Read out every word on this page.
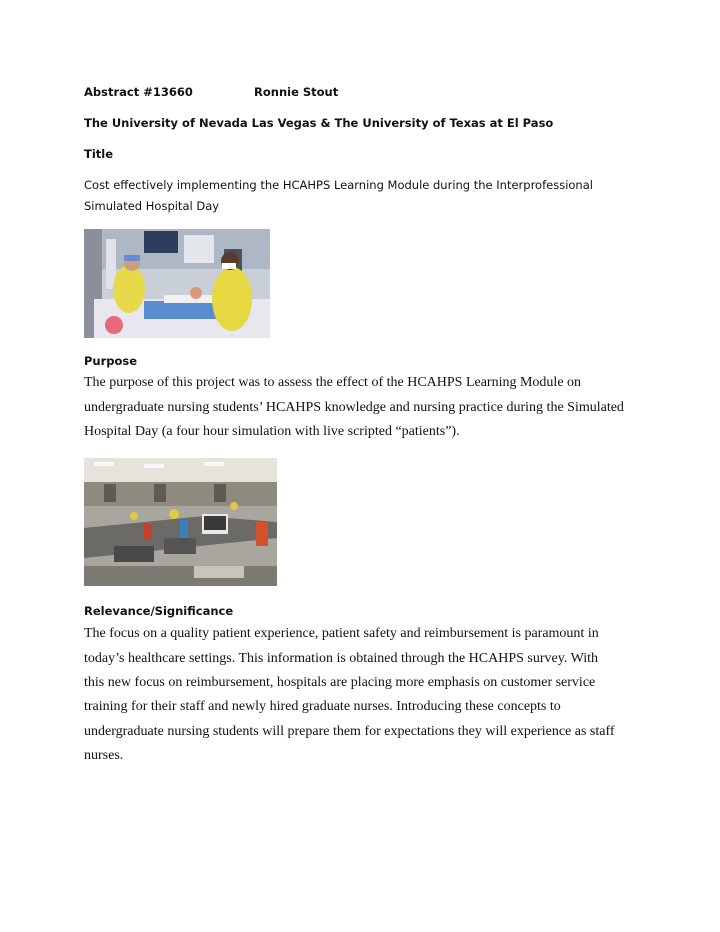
Abstract #13660	Ronnie Stout
The University of Nevada Las Vegas & The University of Texas at El Paso
Title
Cost effectively implementing the HCAHPS Learning Module during the Interprofessional
Simulated Hospital Day
Purpose
The purpose of this project was to assess the effect of the HCAHPS Learning Module on
undergraduate nursing students’ HCAHPS knowledge and nursing practice during the Simulated
Hospital Day (a four hour simulation with live scripted “patients”).
Relevance/Significance
The focus on a quality patient experience, patient safety and reimbursement is paramount in
today’s healthcare settings. This information is obtained through the HCAHPS survey. With
this new focus on reimbursement, hospitals are placing more emphasis on customer service
training for their staff and newly hired graduate nurses. Introducing these concepts to
undergraduate nursing students will prepare them for expectations they will experience as staff
nurses.
